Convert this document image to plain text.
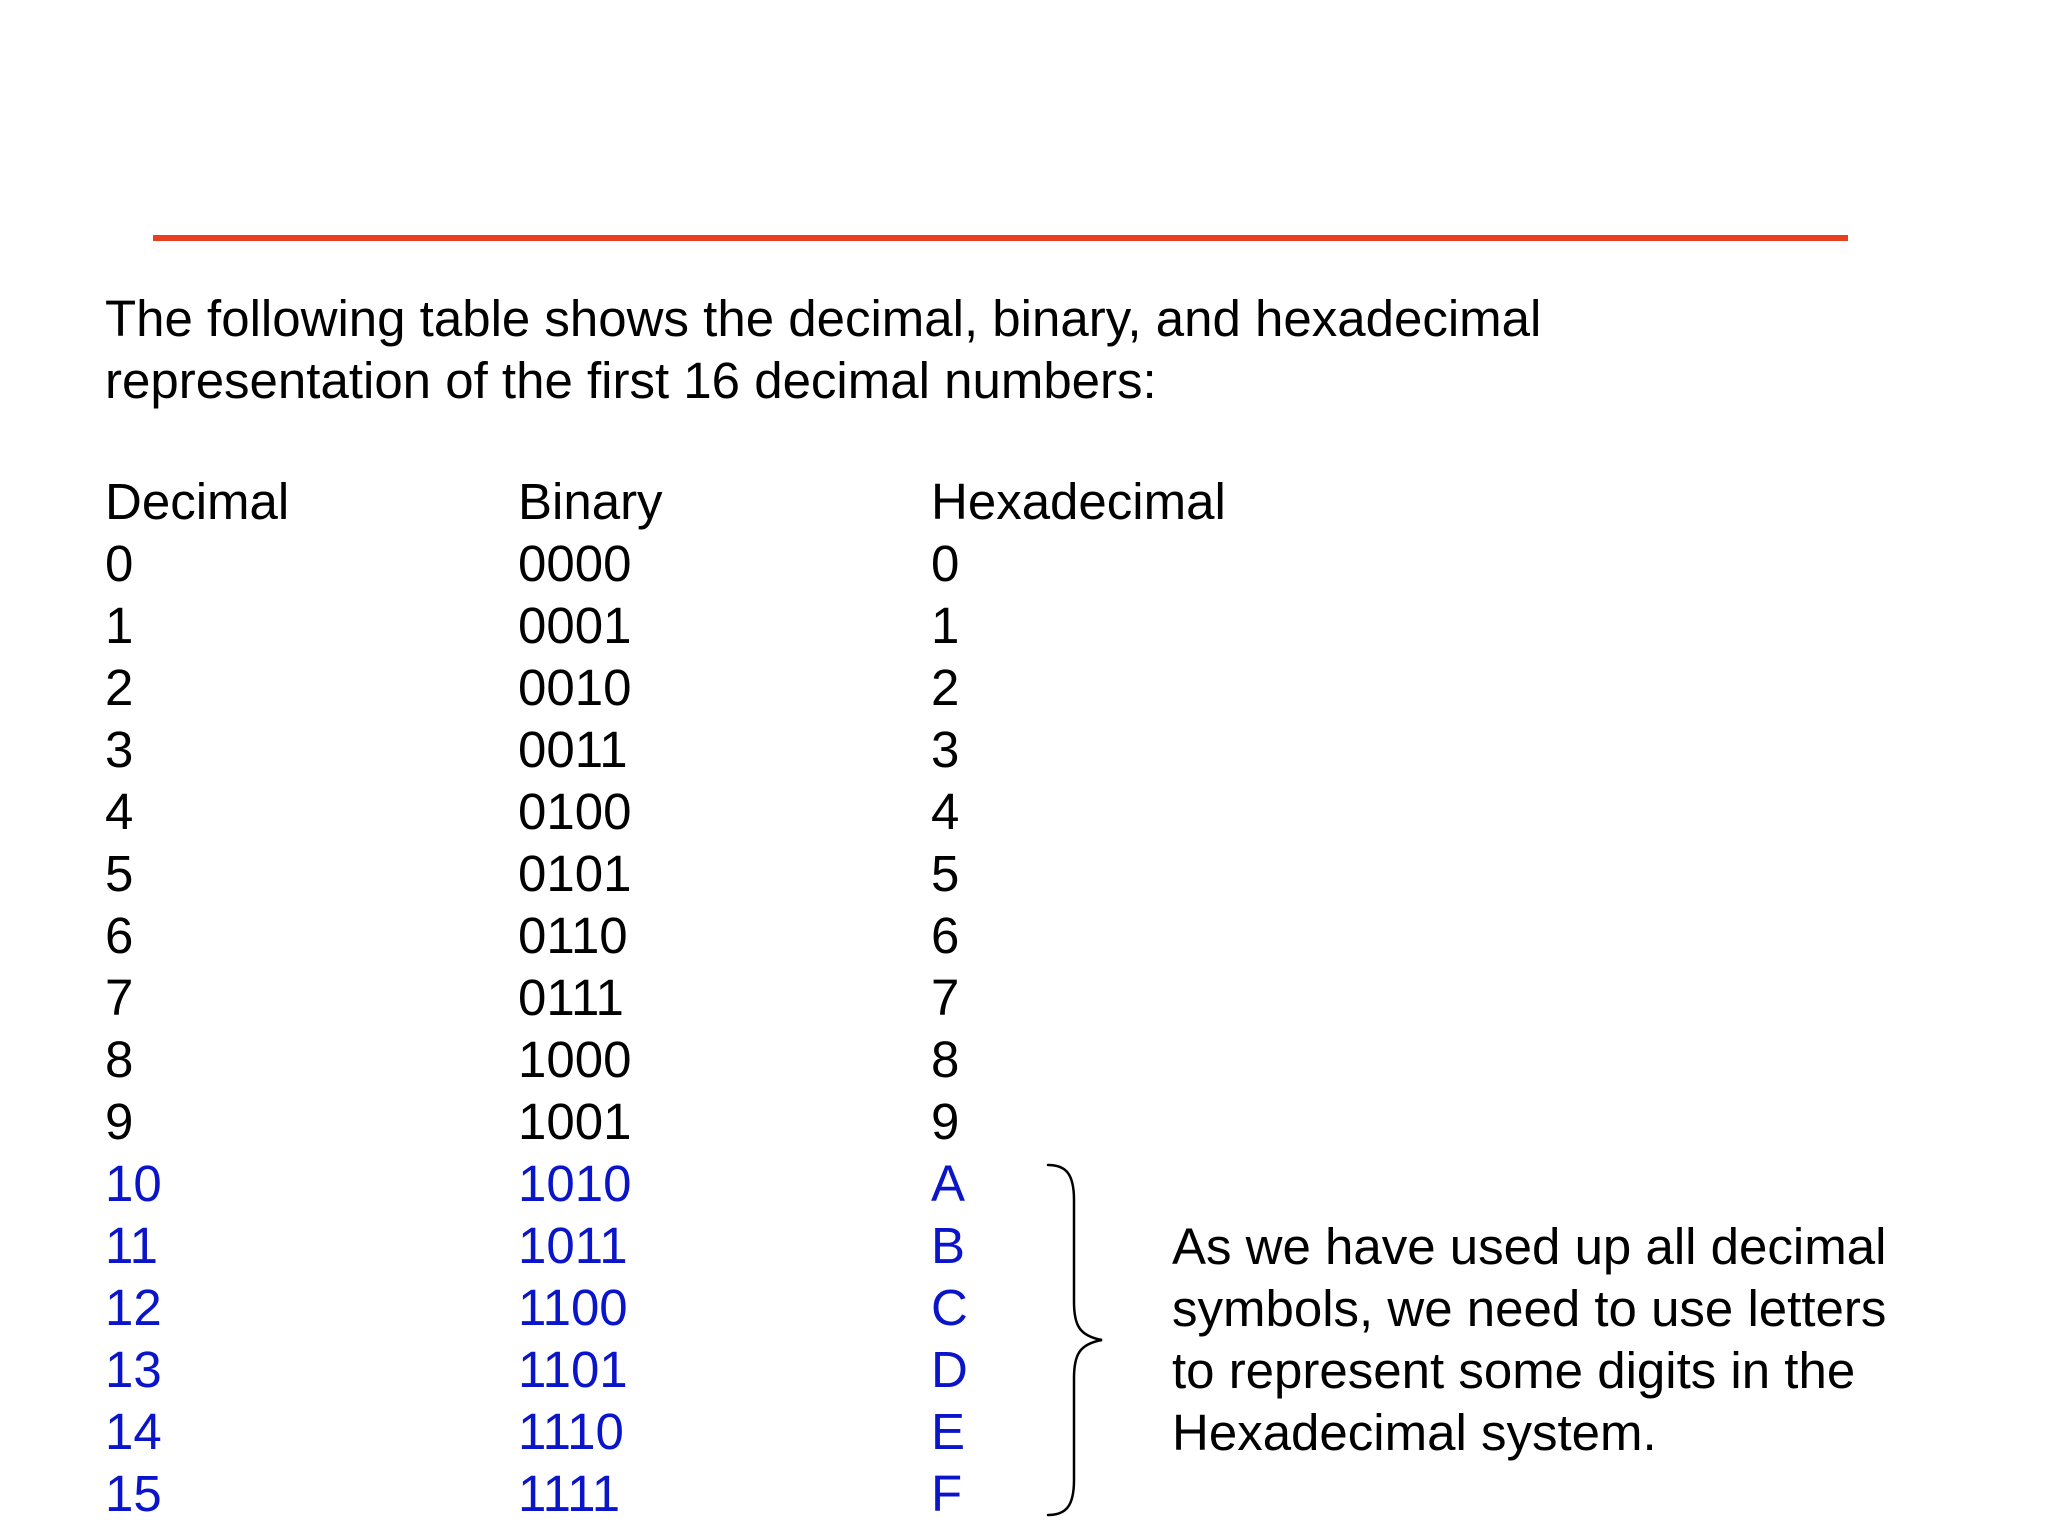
The following table shows the decimal, binary, and hexadecimal
representation of the first 16 decimal numbers:
Decimal	Binary	Hexadecimal
0	0000	0
1	0001	1
2	0010	2
3	0011	3
4	0100	4
5	0101	5
6	0110	6
7	0111	7
8	1000	8
9	1001	9
10	1010	A
11	1011	B
12	1100	C
13	1101	D
14	1110	E
15	1111	F
As we have used up all decimal
symbols, we need to use letters
to represent some digits in the
Hexadecimal system.
